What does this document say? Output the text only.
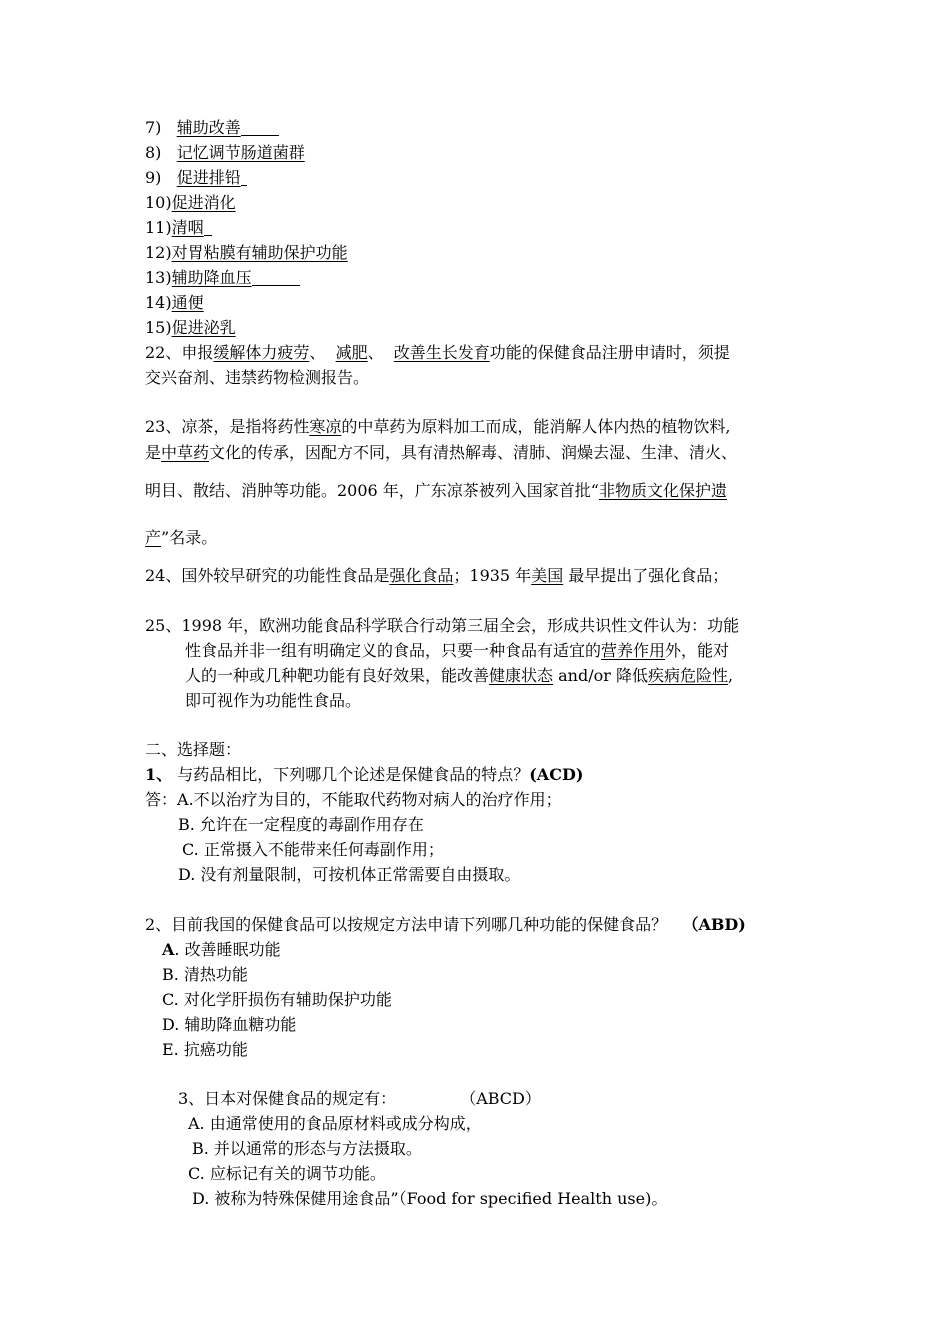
7) 辅助改善
8) 记忆调节肠道菌群
9) 促进排铅
10)促进消化
11)清咽
12)对胃粘膜有辅助保护功能
13)辅助降血压
14)通便
15)促进泌乳
22、申报缓解体力疲劳、 减肥、 改善生长发育功能的保健食品注册申请时，须提
交兴奋剂、违禁药物检测报告。
23、凉茶，是指将药性寒凉的中草药为原料加工而成，能消解人体内热的植物饮料,
是中草药文化的传承，因配方不同，具有清热解毒、清肺、润燥去湿、生津、清火、
明目、散结、消肿等功能。2006 年，广东凉茶被列入国家首批“非物质文化保护遗
产”名录。
24、国外较早研究的功能性食品是强化食品；1935 年美国 最早提出了强化食品；
25、1998 年，欧洲功能食品科学联合行动第三届全会，形成共识性文件认为：功能
性食品并非一组有明确定义的食品，只要一种食品有适宜的营养作用外，能对
人的一种或几种靶功能有良好效果，能改善健康状态 and/or 降低疾病危险性,
即可视作为功能性食品。
二、选择题：
1、 与药品相比，下列哪几个论述是保健食品的特点？(ACD)
答：A.不以治疗为目的，不能取代药物对病人的治疗作用；
B. 允许在一定程度的毒副作用存在
C. 正常摄入不能带来任何毒副作用；
D. 没有剂量限制，可按机体正常需要自由摄取。
2、目前我国的保健食品可以按规定方法申请下列哪几种功能的保健食品？ （ABD)
A. 改善睡眠功能
B. 清热功能
C. 对化学肝损伤有辅助保护功能
D. 辅助降血糖功能
E. 抗癌功能
3、日本对保健食品的规定有：	（ABCD）
A. 由通常使用的食品原材料或成分构成，
B. 并以通常的形态与方法摄取。
C. 应标记有关的调节功能。
D. 被称为特殊保健用途食品”（Food for specified Health use)。
